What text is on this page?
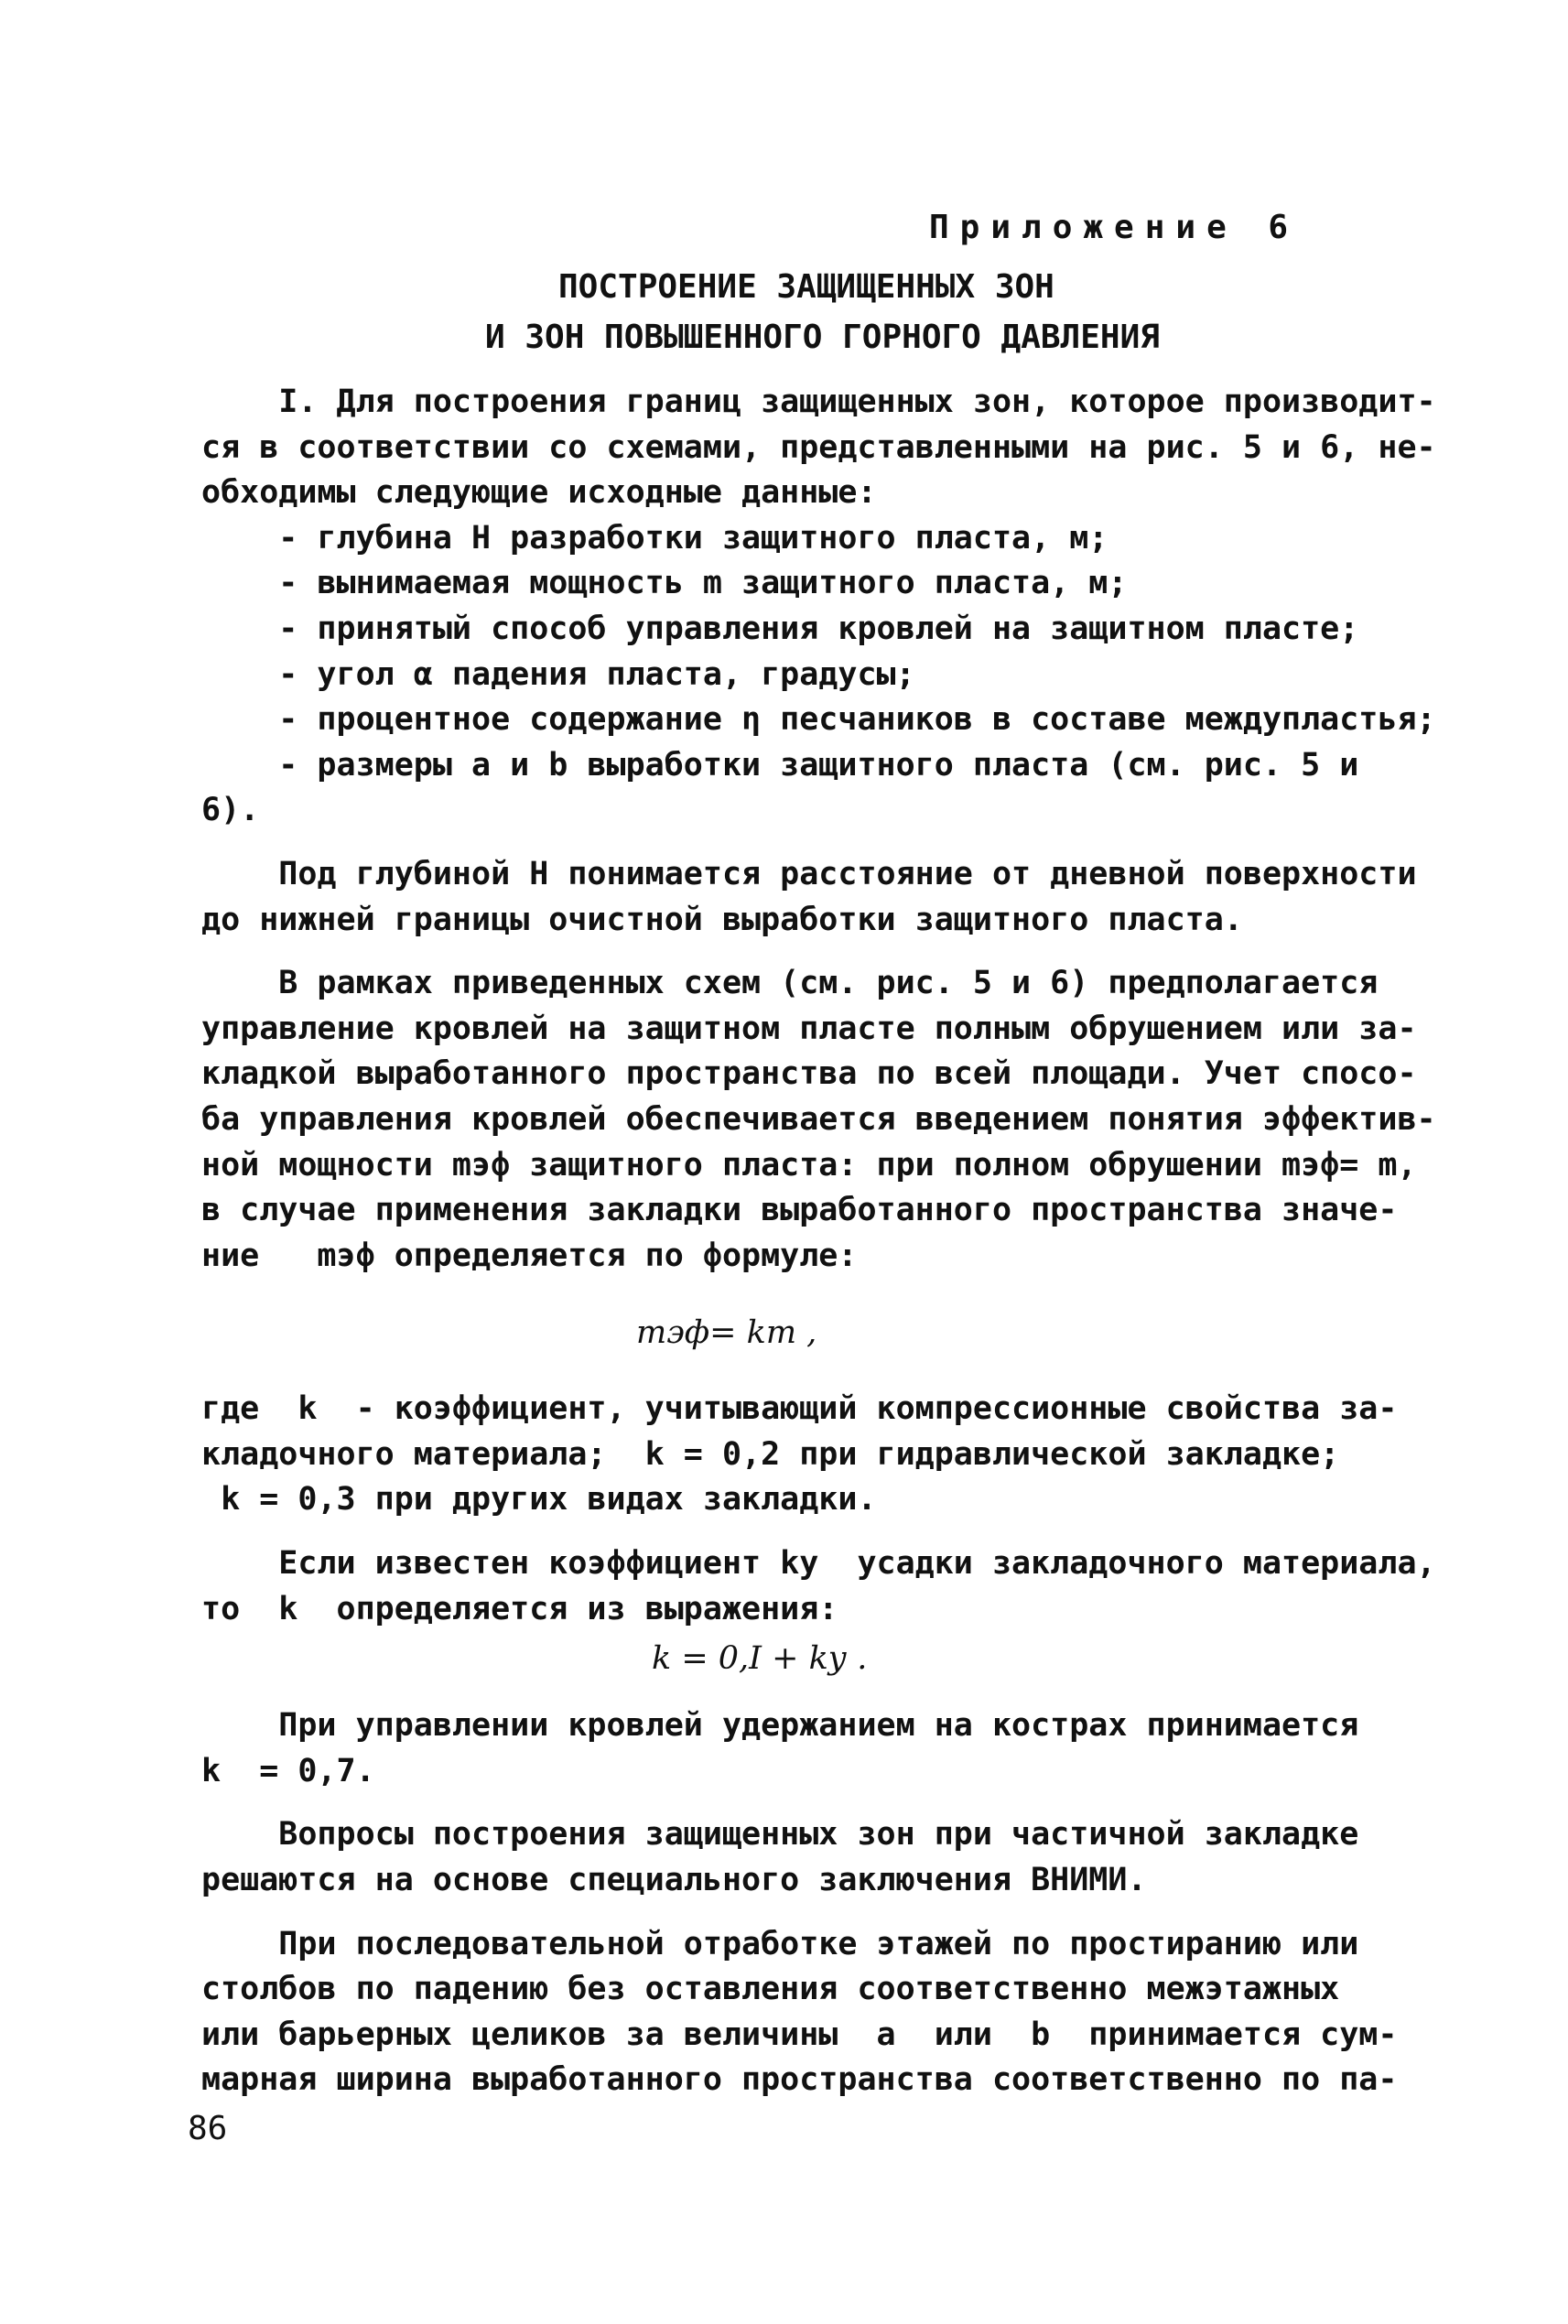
Приложение 6
ПОСТРОЕНИЕ ЗАЩИЩЕННЫХ ЗОН
И ЗОН ПОВЫШЕННОГО ГОРНОГО ДАВЛЕНИЯ
I. Для построения границ защищенных зон, которое производит-
ся в соответствии со схемами, представленными на рис. 5 и 6, не-
обходимы следующие исходные данные:
- глубина Н разработки защитного пласта, м;
- вынимаемая мощность m защитного пласта, м;
- принятый способ управления кровлей на защитном пласте;
- угол α падения пласта, градусы;
- процентное содержание η песчаников в составе междупластья;
- размеры a и b выработки защитного пласта (см. рис. 5 и
6).
Под глубиной Н понимается расстояние от дневной поверхности
до нижней границы очистной выработки защитного пласта.
В рамках приведенных схем (см. рис. 5 и 6) предполагается
управление кровлей на защитном пласте полным обрушением или за-
кладкой выработанного пространства по всей площади. Учет спосо-
ба управления кровлей обеспечивается введением понятия эффектив-
ной мощности mэф защитного пласта: при полном обрушении mэф= m,
в случае применения закладки выработанного пространства значе-
ние   mэф определяется по формуле:
mэф= km ,
где  k  - коэффициент, учитывающий компрессионные свойства за-
кладочного материала;  k = 0,2 при гидравлической закладке;
k = 0,3 при других видах закладки.
Если известен коэффициент kу  усадки закладочного материала,
то  k  определяется из выражения:
k = 0,I + kу .
При управлении кровлей удержанием на кострах принимается
k  = 0,7.
Вопросы построения защищенных зон при частичной закладке
решаются на основе специального заключения ВНИМИ.
При последовательной отработке этажей по простиранию или
столбов по падению без оставления соответственно межэтажных
или барьерных целиков за величины  a  или  b  принимается сум-
марная ширина выработанного пространства соответственно по па-
86
